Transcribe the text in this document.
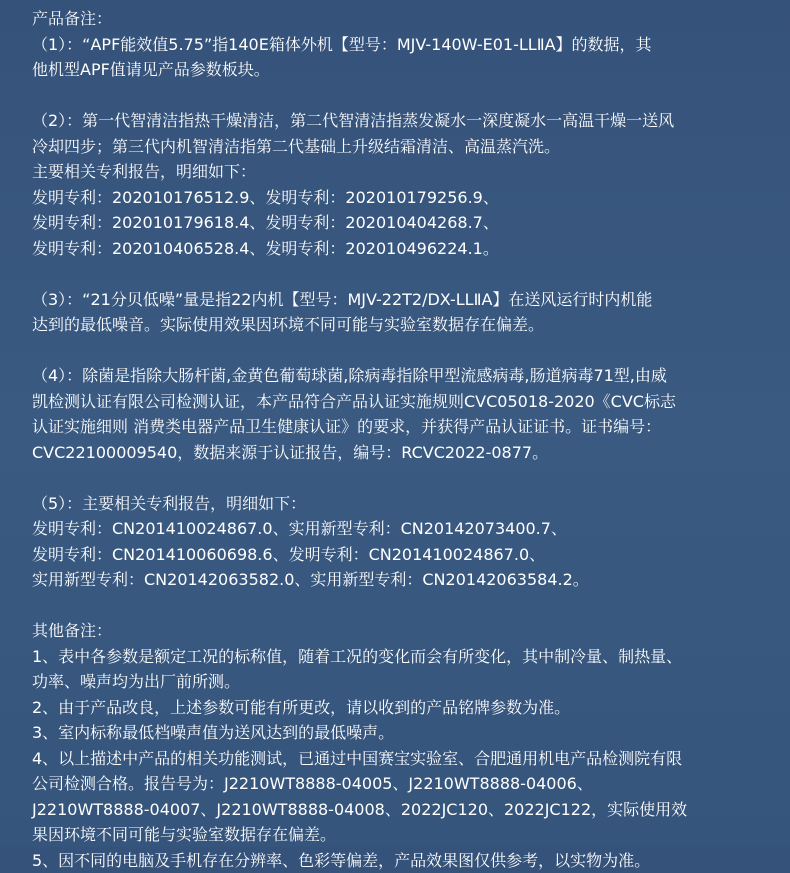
产品备注：
（1）：“APF能效值5.75”指140E箱体外机【型号：MJV-140W-E01-LLⅡA】的数据，其
他机型APF值请见产品参数板块。
（2）：第一代智清洁指热干燥清洁，第二代智清洁指蒸发凝水一深度凝水一高温干燥一送风
冷却四步；第三代内机智清洁指第二代基础上升级结霜清洁、高温蒸汽洗。
主要相关专利报告，明细如下：
发明专利：202010176512.9、发明专利：202010179256.9、
发明专利：202010179618.4、发明专利：202010404268.7、
发明专利：202010406528.4、发明专利：202010496224.1。
（3）：“21分贝低噪”量是指22内机【型号：MJV-22T2/DX-LLⅡA】在送风运行时内机能
达到的最低噪音。实际使用效果因环境不同可能与实验室数据存在偏差。
（4）：除菌是指除大肠杆菌,金黄色葡萄球菌,除病毒指除甲型流感病毒,肠道病毒71型,由威
凯检测认证有限公司检测认证，本产品符合产品认证实施规则CVC05018-2020《CVC标志
认证实施细则 消费类电器产品卫生健康认证》的要求，并获得产品认证证书。证书编号：
CVC22100009540，数据来源于认证报告，编号：RCVC2022-0877。
（5）：主要相关专利报告，明细如下：
发明专利：CN201410024867.0、实用新型专利：CN20142073400.7、
发明专利：CN201410060698.6、发明专利：CN201410024867.0、
实用新型专利：CN20142063582.0、实用新型专利：CN20142063584.2。
其他备注：
1、表中各参数是额定工况的标称值，随着工况的变化而会有所变化，其中制冷量、制热量、
功率、噪声均为出厂前所测。
2、由于产品改良，上述参数可能有所更改，请以收到的产品铭牌参数为准。
3、室内标称最低档噪声值为送风达到的最低噪声。
4、以上描述中产品的相关功能测试，已通过中国赛宝实验室、合肥通用机电产品检测院有限
公司检测合格。报告号为：J2210WT8888-04005、J2210WT8888-04006、
J2210WT8888-04007、J2210WT8888-04008、2022JC120、2022JC122，实际使用效
果因环境不同可能与实验室数据存在偏差。
5、因不同的电脑及手机存在分辨率、色彩等偏差，产品效果图仅供参考，以实物为准。
